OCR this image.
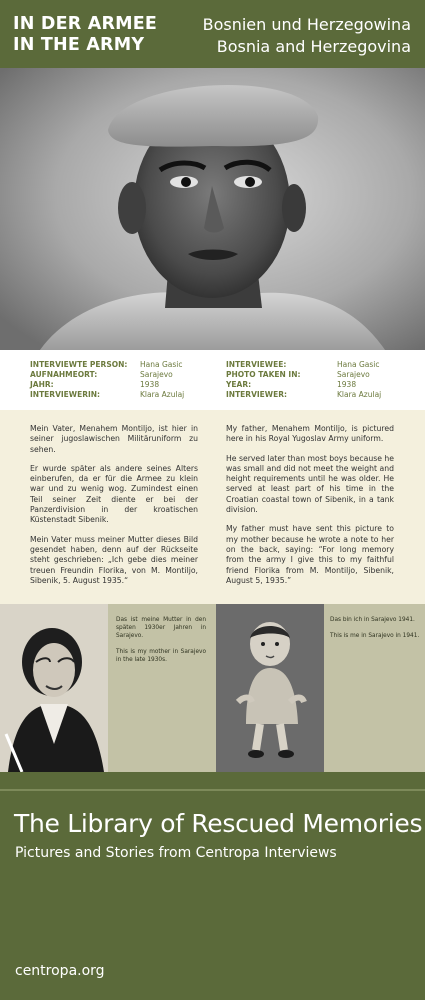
IN DER ARMEE
IN THE ARMY
Bosnien und Herzegowina
Bosnia and Herzegovina
INTERVIEWTE PERSON: Hana Gasic
AUFNAHMEORT:	Sarajevo
JAHR:	1938
INTERVIEWERIN:	Klara Azulaj
INTERVIEWEE:	Hana Gasic
PHOTO TAKEN IN:	Sarajevo
YEAR:	1938
INTERVIEWER:	Klara Azulaj

Mein Vater, Menahem Montiljo, ist hier in seiner jugoslawischen Militäruniform zu sehen.

Er wurde später als andere seines Alters einberufen, da er für die Armee zu klein war und zu wenig wog. Zumindest einen Teil seiner Zeit diente er bei der Panzerdivision in der kroatischen Küstenstadt Sibenik.

Mein Vater muss meiner Mutter dieses Bild gesendet haben, denn auf der Rückseite steht geschrieben: „Ich gebe dies meiner treuen Freundin Florika, von M. Montiljo, Sibenik, 5. August 1935.“

My father, Menahem Montiljo, is pictured here in his Royal Yugoslav Army uniform.

He served later than most boys because he was small and did not meet the weight and height requirements until he was older. He served at least part of his time in the Croatian coastal town of Sibenik, in a tank division.

My father must have sent this picture to my mother because he wrote a note to her on the back, saying: “For long memory from the army I give this to my faithful friend Florika from M. Montiljo, Sibenik, August 5, 1935.”

Das ist meine Mutter in den späten 1930er Jahren in Sarajevo.

This is my mother in Sarajevo in the late 1930s.

Das bin ich in Sarajevo 1941.

This is me in Sarajevo in 1941.

The Library of Rescued Memories
Pictures and Stories from Centropa Interviews
centropa.org
